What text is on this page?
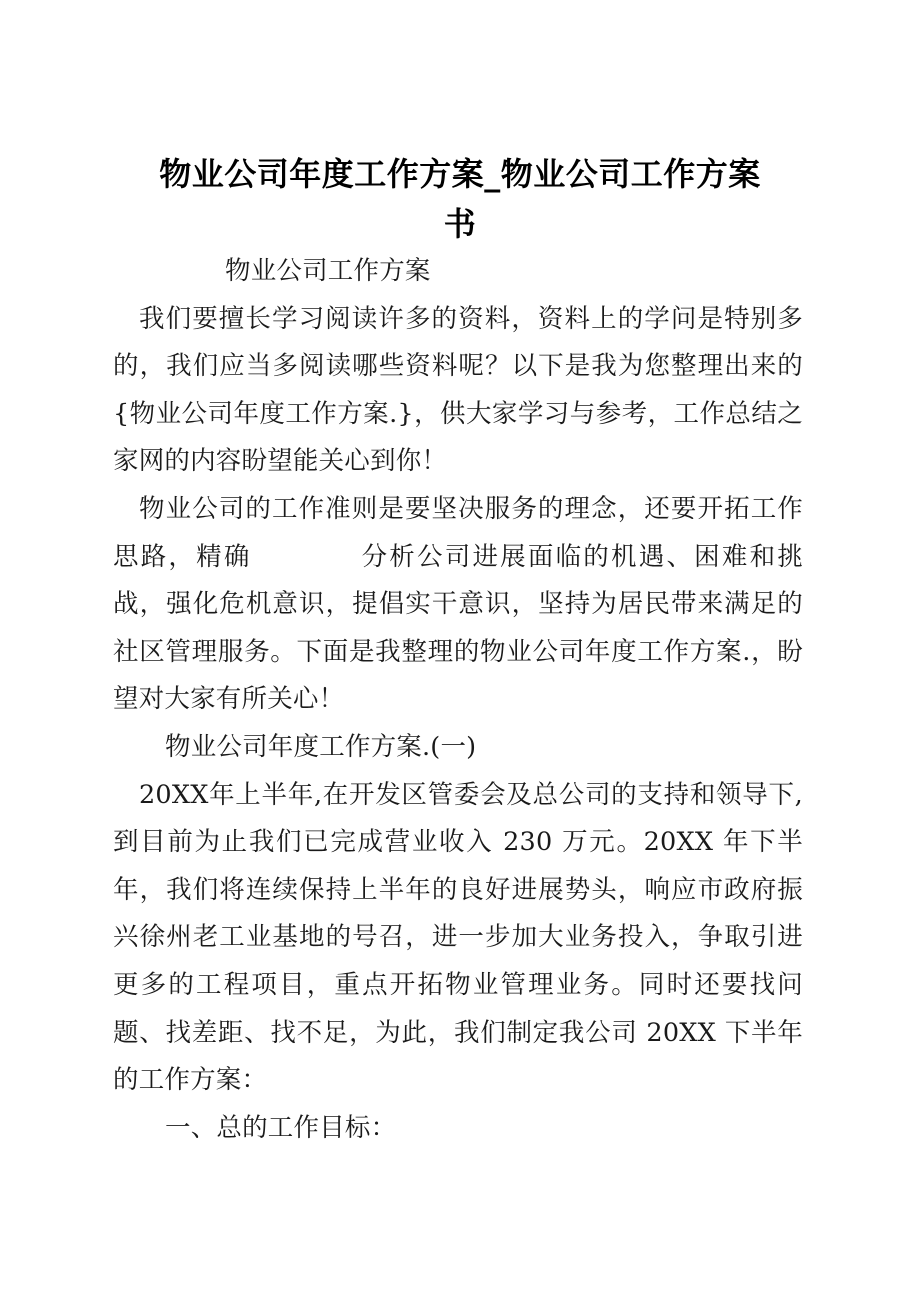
物业公司年度工作方案_物业公司工作方案
书

物业公司工作方案

我们要擅长学习阅读许多的资料，资料上的学问是特别多的，我们应当多阅读哪些资料呢？以下是我为您整理出来的{物业公司年度工作方案.}，供大家学习与参考，工作总结之家网的内容盼望能关心到你！

物业公司的工作准则是要坚决服务的理念，还要开拓工作思路，精确	分析公司进展面临的机遇、困难和挑战，强化危机意识，提倡实干意识，坚持为居民带来满足的社区管理服务。下面是我整理的物业公司年度工作方案.，盼望对大家有所关心！

物业公司年度工作方案.(一)

20XX年上半年,在开发区管委会及总公司的支持和领导下,到目前为止我们已完成营业收入 230 万元。20XX 年下半年，我们将连续保持上半年的良好进展势头，响应市政府振兴徐州老工业基地的号召，进一步加大业务投入，争取引进更多的工程项目，重点开拓物业管理业务。同时还要找问题、找差距、找不足，为此，我们制定我公司 20XX 下半年的工作方案：

一、总的工作目标：
